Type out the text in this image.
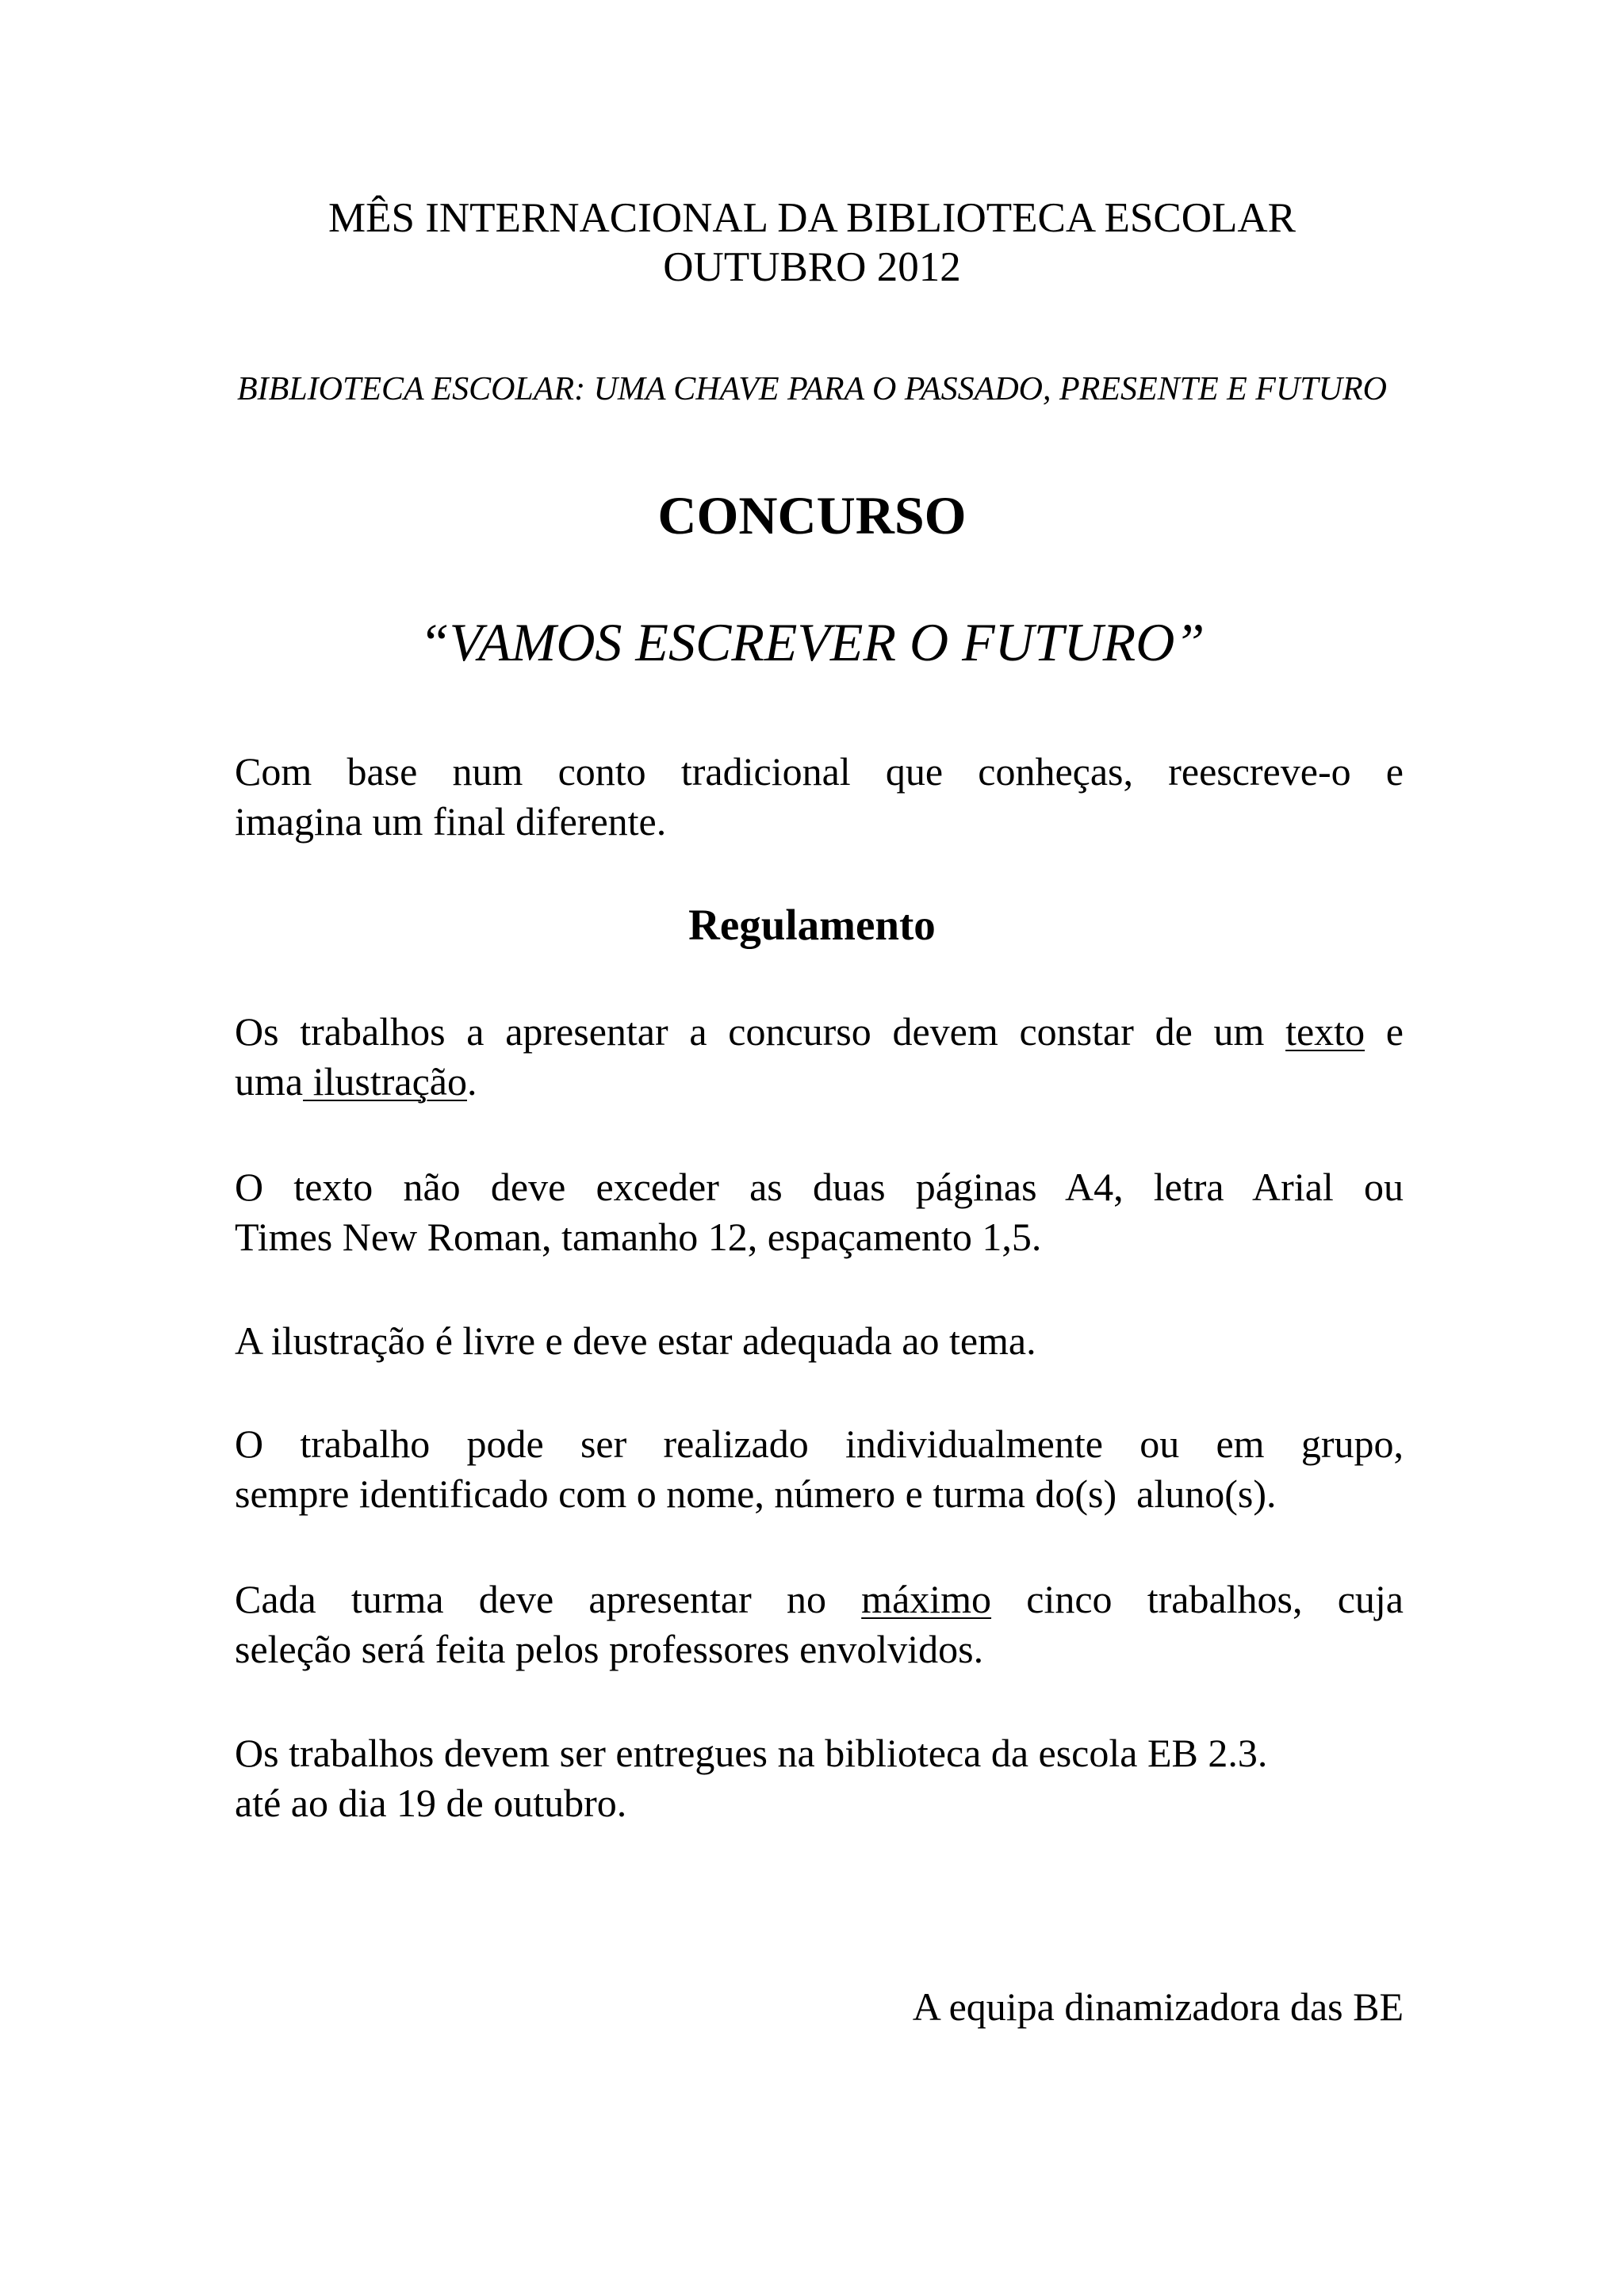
MÊS INTERNACIONAL DA BIBLIOTECA ESCOLAR
OUTUBRO 2012
BIBLIOTECA ESCOLAR: UMA CHAVE PARA O PASSADO, PRESENTE E FUTURO
CONCURSO
“VAMOS ESCREVER O FUTURO”
Com base num conto tradicional que conheças, reescreve-o e
imagina um final diferente.
Regulamento
Os trabalhos a apresentar a concurso devem constar de um texto e
uma ilustração.
O texto não deve exceder as duas páginas A4, letra Arial ou
Times New Roman, tamanho 12, espaçamento 1,5.
A ilustração é livre e deve estar adequada ao tema.
O trabalho pode ser realizado individualmente ou em grupo,
sempre identificado com o nome, número e turma do(s)  aluno(s).
Cada turma deve apresentar no máximo cinco trabalhos, cuja
seleção será feita pelos professores envolvidos.
Os trabalhos devem ser entregues na biblioteca da escola EB 2.3.
até ao dia 19 de outubro.
A equipa dinamizadora das BE
